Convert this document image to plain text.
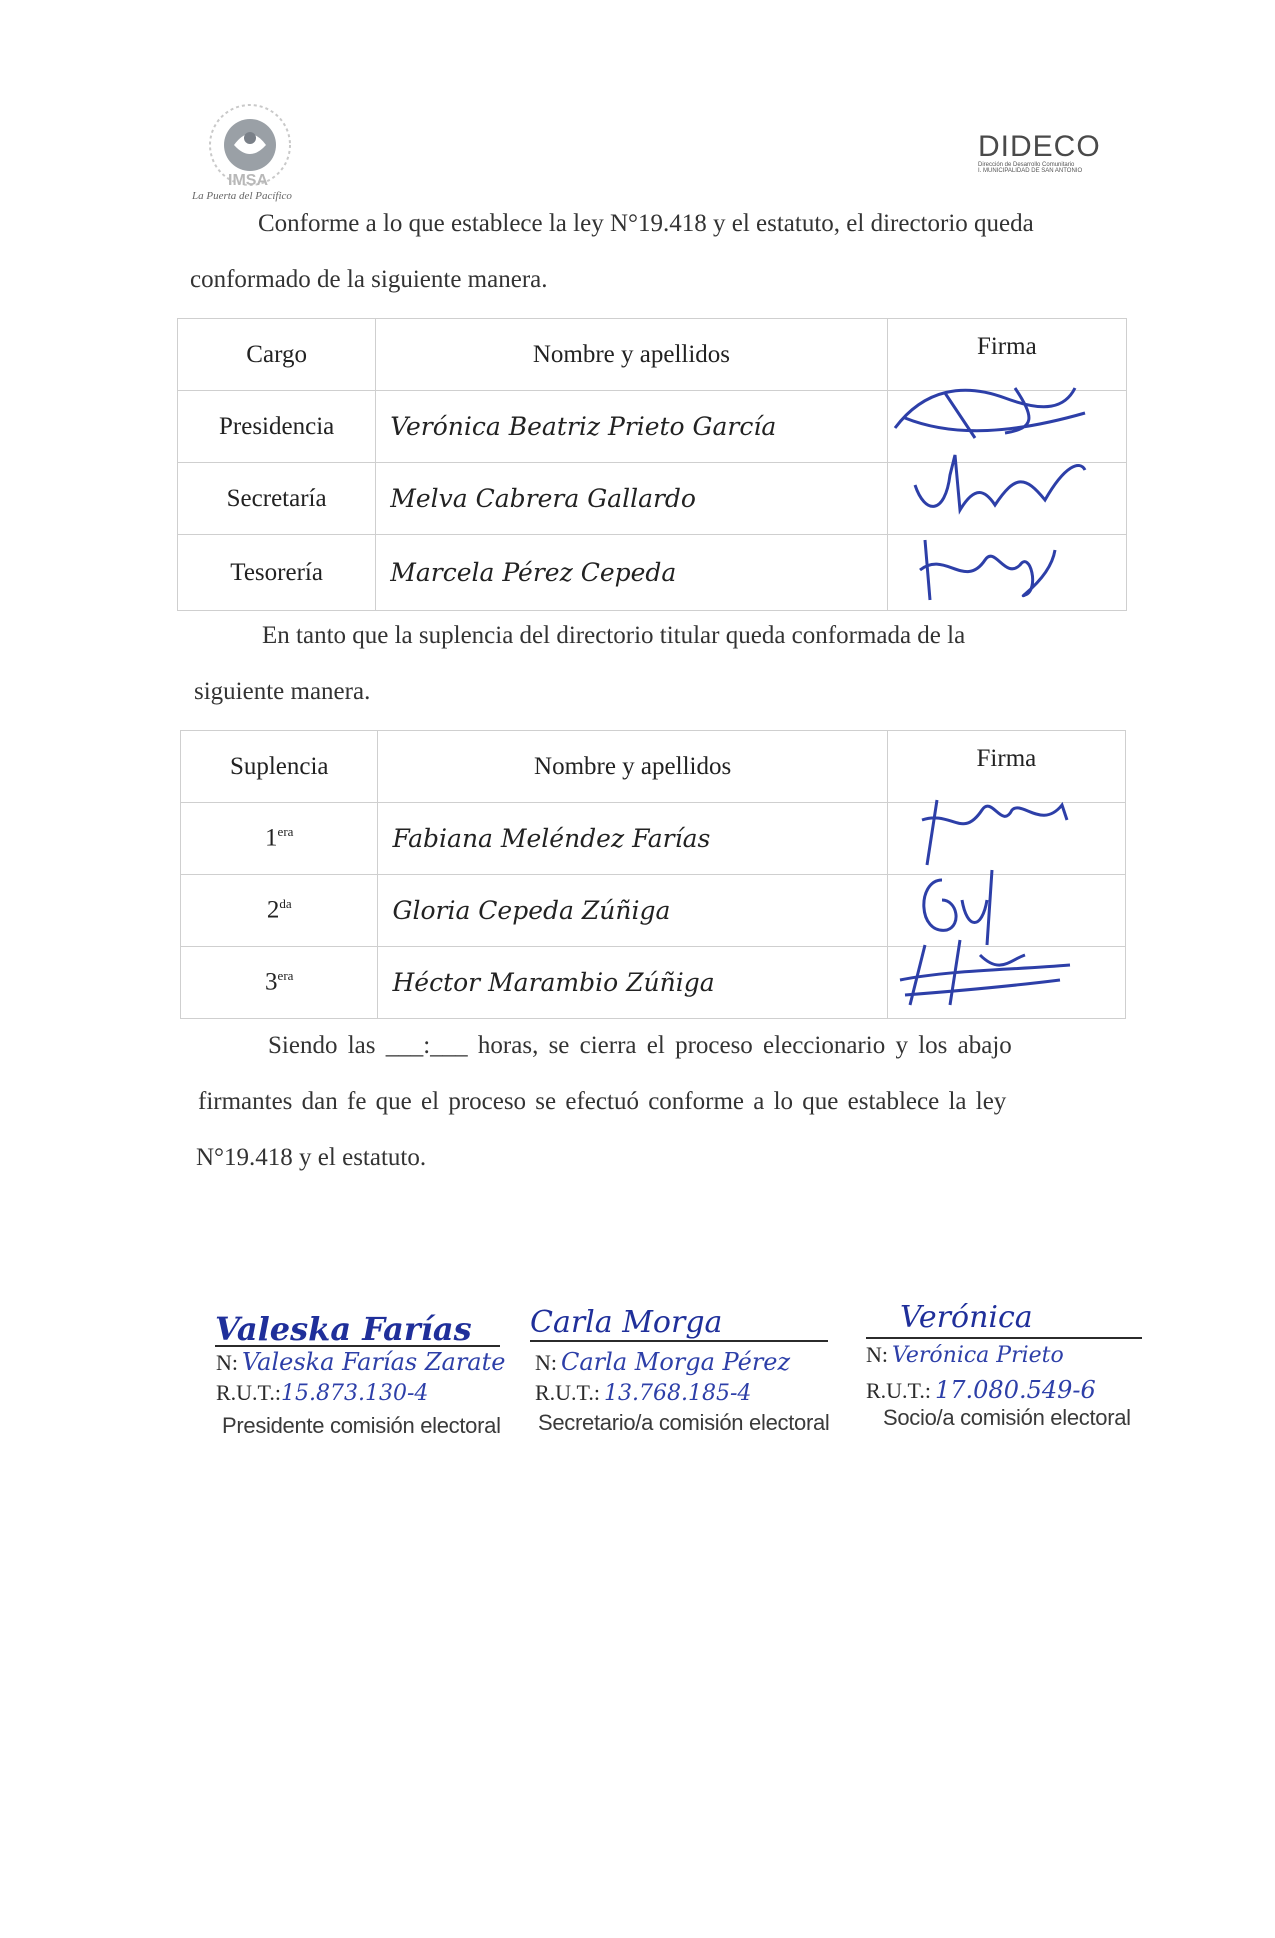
IMSA
La Puerta del Pacífico
DIDECO
Dirección de Desarrollo Comunitario
I. MUNICIPALIDAD DE SAN ANTONIO
Conforme a lo que establece la ley N°19.418 y el estatuto, el directorio queda
conformado de la siguiente manera.
Cargo	Nombre y apellidos	Firma
Presidencia	Verónica Beatriz Prieto García	
Secretaría	Melva Cabrera Gallardo	
Tesorería	Marcela Pérez Cepeda	
En tanto que la suplencia del directorio titular queda conformada de la
siguiente manera.
Suplencia	Nombre y apellidos	Firma
$1^{era}$	Fabiana Meléndez Farías	
$2^{da}$	Gloria Cepeda Zúñiga	
$3^{era}$	Héctor Marambio Zúñiga	
Siendo las ___:___ horas, se cierra el proceso eleccionario y los abajo
firmantes dan fe que el proceso se efectuó conforme a lo que establece la ley
N°19.418 y el estatuto.
Valeska Farías
N: Valeska Farías Zarate
R.U.T.:15.873.130-4
Presidente comisión electoral
Carla Morga
N: Carla Morga Pérez
R.U.T.: 13.768.185-4
Secretario/a comisión electoral
Verónica
N: Verónica Prieto
R.U.T.: 17.080.549-6
Socio/a comisión electoral
